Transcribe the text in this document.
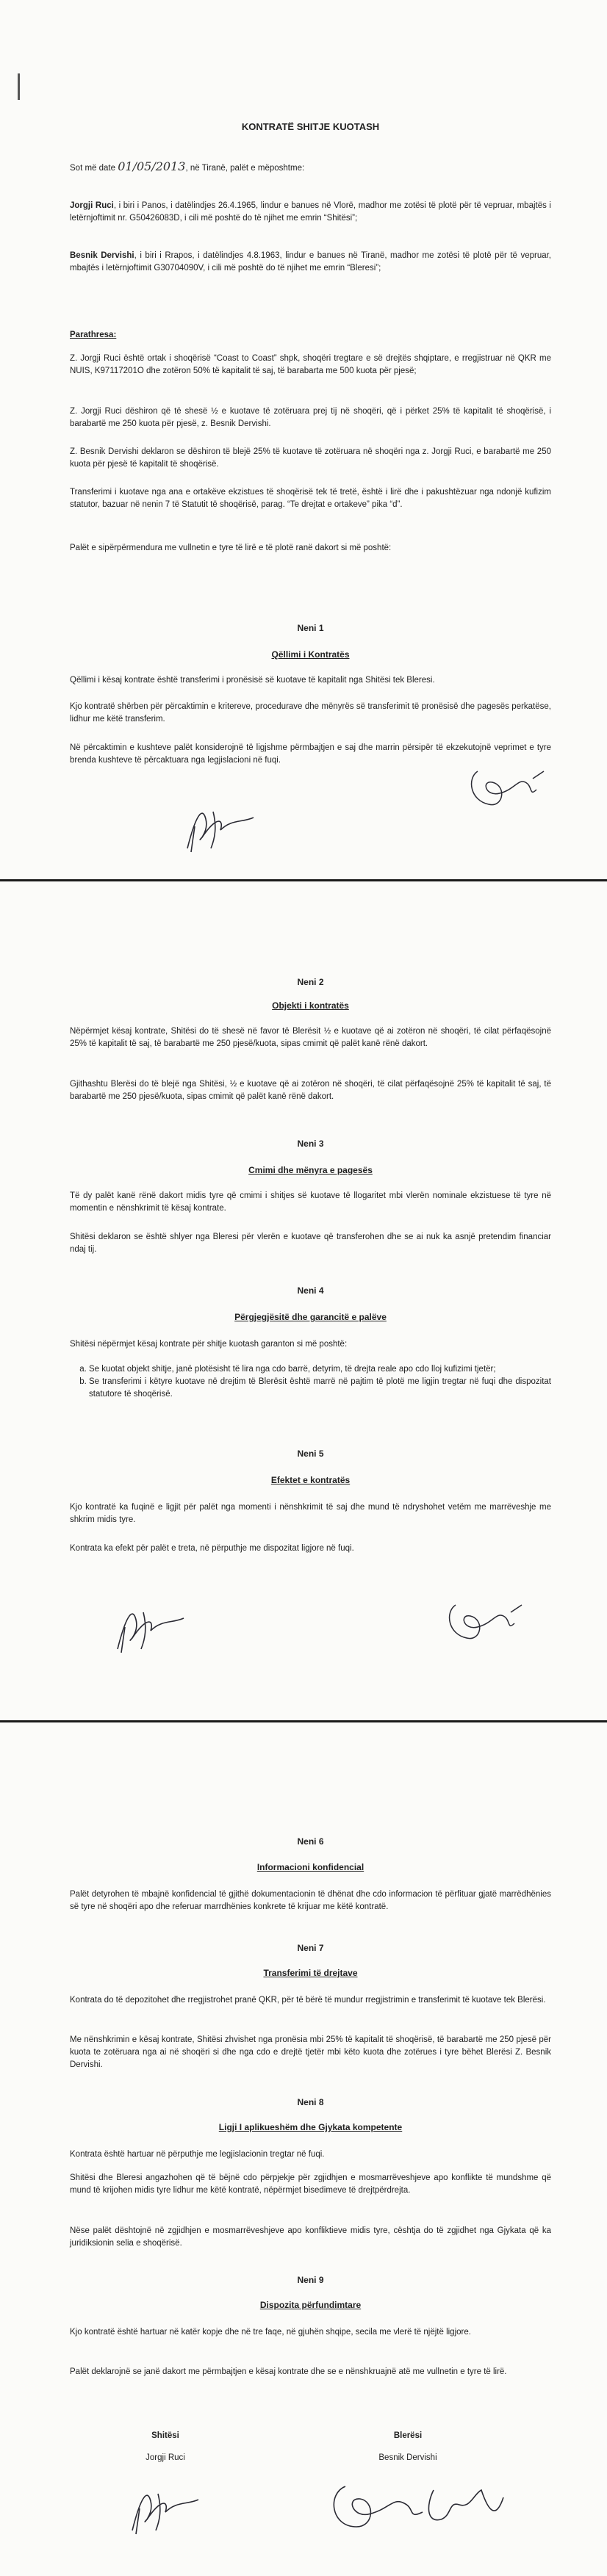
KONTRATË SHITJE KUOTASH
Sot më date 01/05/2013, në Tiranë, palët e mëposhtme:
Jorgji Ruci, i biri i Panos, i datëlindjes 26.4.1965, lindur e banues në Vlorë, madhor me zotësi të plotë për të vepruar, mbajtës i letërnjoftimit nr. G50426083D, i cili më poshtë do të njihet me emrin “Shitësi”;
Besnik Dervishi, i biri i Rrapos, i datëlindjes 4.8.1963, lindur e banues në Tiranë, madhor me zotësi të plotë për të vepruar, mbajtës i letërnjoftimit G30704090V, i cili më poshtë do të njihet me emrin “Bleresi”;
Parathresa:
Z. Jorgji Ruci është ortak i shoqërisë “Coast to Coast” shpk, shoqëri tregtare e së drejtës shqiptare, e rregjistruar në QKR me NUIS, K97117201O dhe zotëron 50% të kapitalit të saj, të barabarta me 500 kuota për pjesë;
Z. Jorgji Ruci dëshiron që të shesë ½ e kuotave të zotëruara prej tij në shoqëri, që i përket 25% të kapitalit të shoqërisë, i barabartë me 250 kuota për pjesë, z. Besnik Dervishi.
Z. Besnik Dervishi deklaron se dëshiron të blejë 25% të kuotave të zotëruara në shoqëri nga z. Jorgji Ruci, e barabartë me 250 kuota për pjesë të kapitalit të shoqërisë.
Transferimi i kuotave nga ana e ortakëve ekzistues të shoqërisë tek të tretë, është i lirë dhe i pakushtëzuar nga ndonjë kufizim statutor, bazuar në nenin 7 të Statutit të shoqërisë, parag. “Te drejtat e ortakeve” pika “d”.
Palët e sipërpërmendura me vullnetin e tyre të lirë e të plotë ranë dakort si më poshtë:
Neni 1
Qëllimi i Kontratës
Qëllimi i kësaj kontrate është transferimi i pronësisë së kuotave të kapitalit nga Shitësi tek Bleresi.
Kjo kontratë shërben për përcaktimin e kritereve, procedurave dhe mënyrës së transferimit të pronësisë dhe pagesës perkatëse, lidhur me këtë transferim.
Në përcaktimin e kushteve palët konsiderojnë të ligjshme përmbajtjen e saj dhe marrin përsipër të ekzekutojnë veprimet e tyre brenda kushteve të përcaktuara nga legjislacioni në fuqi.
Neni 2
Objekti i kontratës
Nëpërmjet kësaj kontrate, Shitësi do të shesë në favor të Blerësit ½ e kuotave që ai zotëron në shoqëri, të cilat përfaqësojnë 25% të kapitalit të saj, të barabartë me 250 pjesë/kuota, sipas cmimit që palët kanë rënë dakort.
Gjithashtu Blerësi do të blejë nga Shitësi, ½ e kuotave që ai zotëron në shoqëri, të cilat përfaqësojnë 25% të kapitalit të saj, të barabartë me 250 pjesë/kuota, sipas cmimit që palët kanë rënë dakort.
Neni 3
Cmimi dhe mënyra e pagesës
Të dy palët kanë rënë dakort midis tyre që cmimi i shitjes së kuotave të llogaritet mbi vlerën nominale ekzistuese të tyre në momentin e nënshkrimit të kësaj kontrate.
Shitësi deklaron se është shlyer nga Bleresi për vlerën e kuotave që transferohen dhe se ai nuk ka asnjë pretendim financiar ndaj tij.
Neni 4
Përgjegjësitë dhe garancitë e palëve
Shitësi nëpërmjet kësaj kontrate për shitje kuotash garanton si më poshtë:
a. Se kuotat objekt shitje, janë plotësisht të lira nga cdo barrë, detyrim, të drejta reale apo cdo lloj kufizimi tjetër;
b. Se transferimi i këtyre kuotave në drejtim të Blerësit është marrë në pajtim të plotë me ligjin tregtar në fuqi dhe dispozitat statutore të shoqërisë.
Neni 5
Efektet e kontratës
Kjo kontratë ka fuqinë e ligjit për palët nga momenti i nënshkrimit të saj dhe mund të ndryshohet vetëm me marrëveshje me shkrim midis tyre.
Kontrata ka efekt për palët e treta, në përputhje me dispozitat ligjore në fuqi.
Neni 6
Informacioni konfidencial
Palët detyrohen të mbajnë konfidencial të gjithë dokumentacionin të dhënat dhe cdo informacion të përfituar gjatë marrëdhënies së tyre në shoqëri apo dhe referuar marrdhënies konkrete të krijuar me këtë kontratë.
Neni 7
Transferimi të drejtave
Kontrata do të depozitohet dhe rregjistrohet pranë QKR, për të bërë të mundur rregjistrimin e transferimit të kuotave tek Blerësi.
Me nënshkrimin e kësaj kontrate, Shitësi zhvishet nga pronësia mbi 25% të kapitalit të shoqërisë, të barabartë me 250 pjesë për kuota te zotëruara nga ai në shoqëri si dhe nga cdo e drejtë tjetër mbi këto kuota dhe zotërues i tyre bëhet Blerësi Z. Besnik Dervishi.
Neni 8
Ligji I aplikueshëm dhe Gjykata kompetente
Kontrata është hartuar në përputhje me legjislacionin tregtar në fuqi.
Shitësi dhe Bleresi angazhohen që të bëjnë cdo përpjekje për zgjidhjen e mosmarrëveshjeve apo konflikte të mundshme që mund të krijohen midis tyre lidhur me këtë kontratë, nëpërmjet bisedimeve të drejtpërdrejta.
Nëse palët dështojnë në zgjidhjen e mosmarrëveshjeve apo konfliktieve midis tyre, cështja do të zgjidhet nga Gjykata që ka juridiksionin selia e shoqërisë.
Neni 9
Dispozita përfundimtare
Kjo kontratë është hartuar në katër kopje dhe në tre faqe, në gjuhën shqipe, secila me vlerë të njëjtë ligjore.
Palët deklarojnë se janë dakort me përmbajtjen e kësaj kontrate dhe se e nënshkruajnë atë me vullnetin e tyre të lirë.
Shitësi
Jorgji Ruci
Blerësi
Besnik Dervishi
